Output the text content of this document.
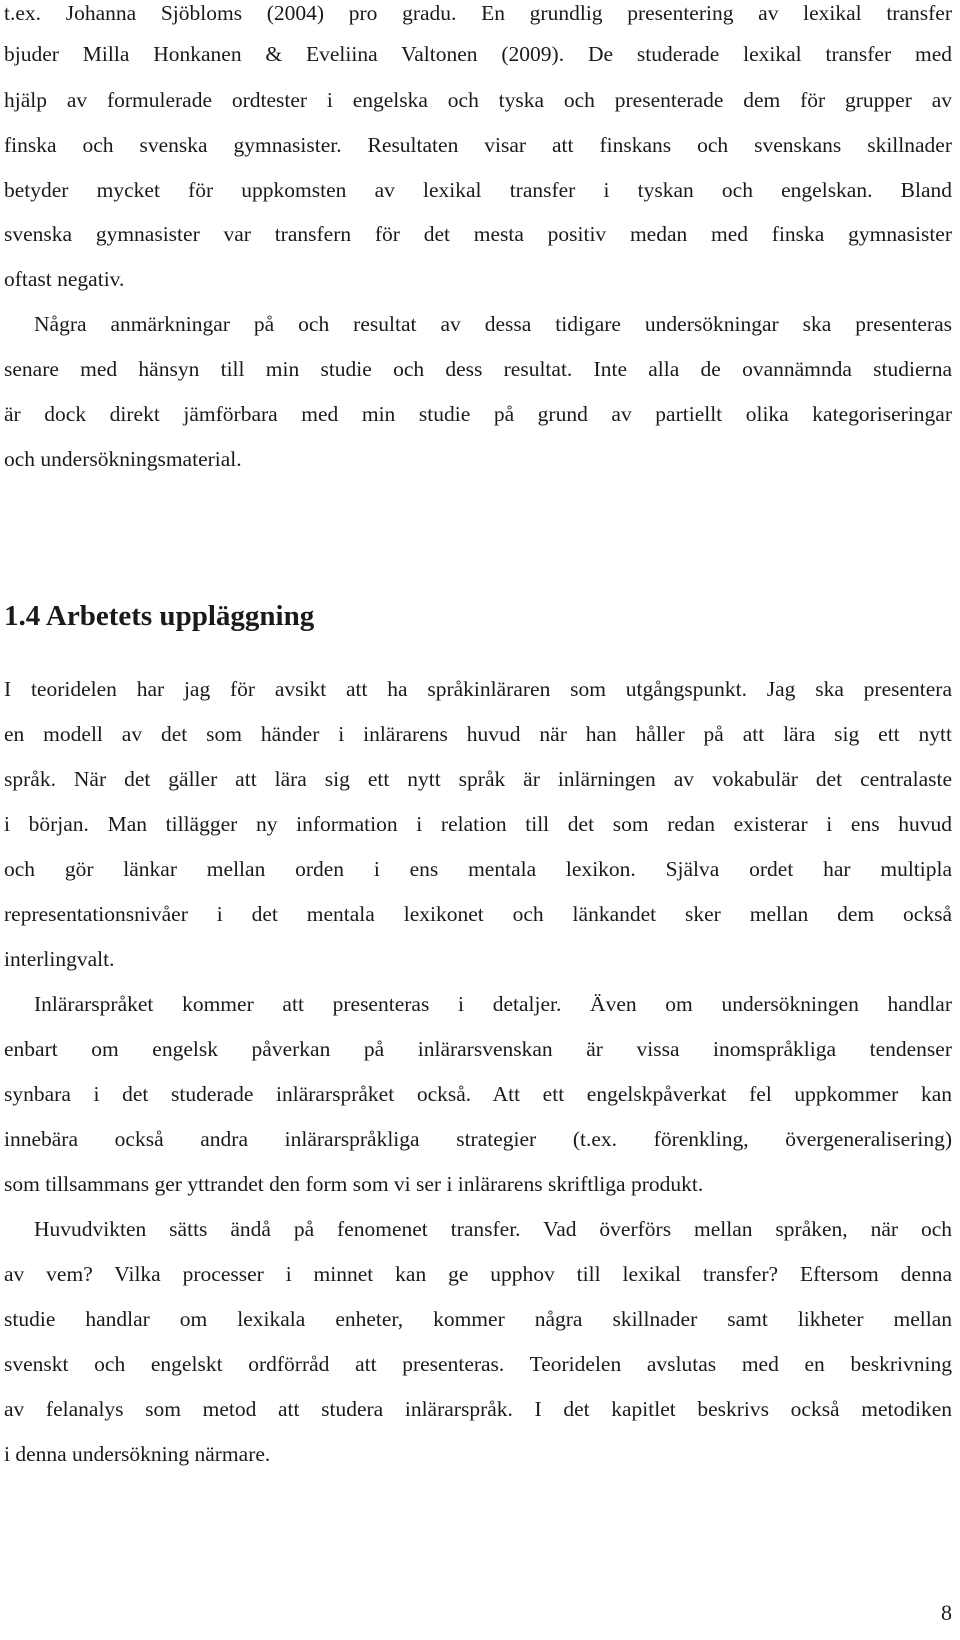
t.ex. Johanna Sjöbloms (2004) pro gradu. En grundlig presentering av lexikal transfer
bjuder Milla Honkanen & Eveliina Valtonen (2009). De studerade lexikal transfer med
hjälp av formulerade ordtester i engelska och tyska och presenterade dem för grupper av
finska och svenska gymnasister. Resultaten visar att finskans och svenskans skillnader
betyder mycket för uppkomsten av lexikal transfer i tyskan och engelskan. Bland
svenska gymnasister var transfern för det mesta positiv medan med finska gymnasister
oftast negativ.
Några anmärkningar på och resultat av dessa tidigare undersökningar ska presenteras
senare med hänsyn till min studie och dess resultat. Inte alla de ovannämnda studierna
är dock direkt jämförbara med min studie på grund av partiellt olika kategoriseringar
och undersökningsmaterial.
1.4 Arbetets uppläggning
I teoridelen har jag för avsikt att ha språkinläraren som utgångspunkt. Jag ska presentera
en modell av det som händer i inlärarens huvud när han håller på att lära sig ett nytt
språk. När det gäller att lära sig ett nytt språk är inlärningen av vokabulär det centralaste
i början. Man tillägger ny information i relation till det som redan existerar i ens huvud
och gör länkar mellan orden i ens mentala lexikon. Själva ordet har multipla
representationsnivåer i det mentala lexikonet och länkandet sker mellan dem också
interlingvalt.
Inlärarspråket kommer att presenteras i detaljer. Även om undersökningen handlar
enbart om engelsk påverkan på inlärarsvenskan är vissa inomspråkliga tendenser
synbara i det studerade inlärarspråket också. Att ett engelskpåverkat fel uppkommer kan
innebära också andra inlärarspråkliga strategier (t.ex. förenkling, övergeneralisering)
som tillsammans ger yttrandet den form som vi ser i inlärarens skriftliga produkt.
Huvudvikten sätts ändå på fenomenet transfer. Vad överförs mellan språken, när och
av vem? Vilka processer i minnet kan ge upphov till lexikal transfer? Eftersom denna
studie handlar om lexikala enheter, kommer några skillnader samt likheter mellan
svenskt och engelskt ordförråd att presenteras. Teoridelen avslutas med en beskrivning
av felanalys som metod att studera inlärarspråk. I det kapitlet beskrivs också metodiken
i denna undersökning närmare.
8
